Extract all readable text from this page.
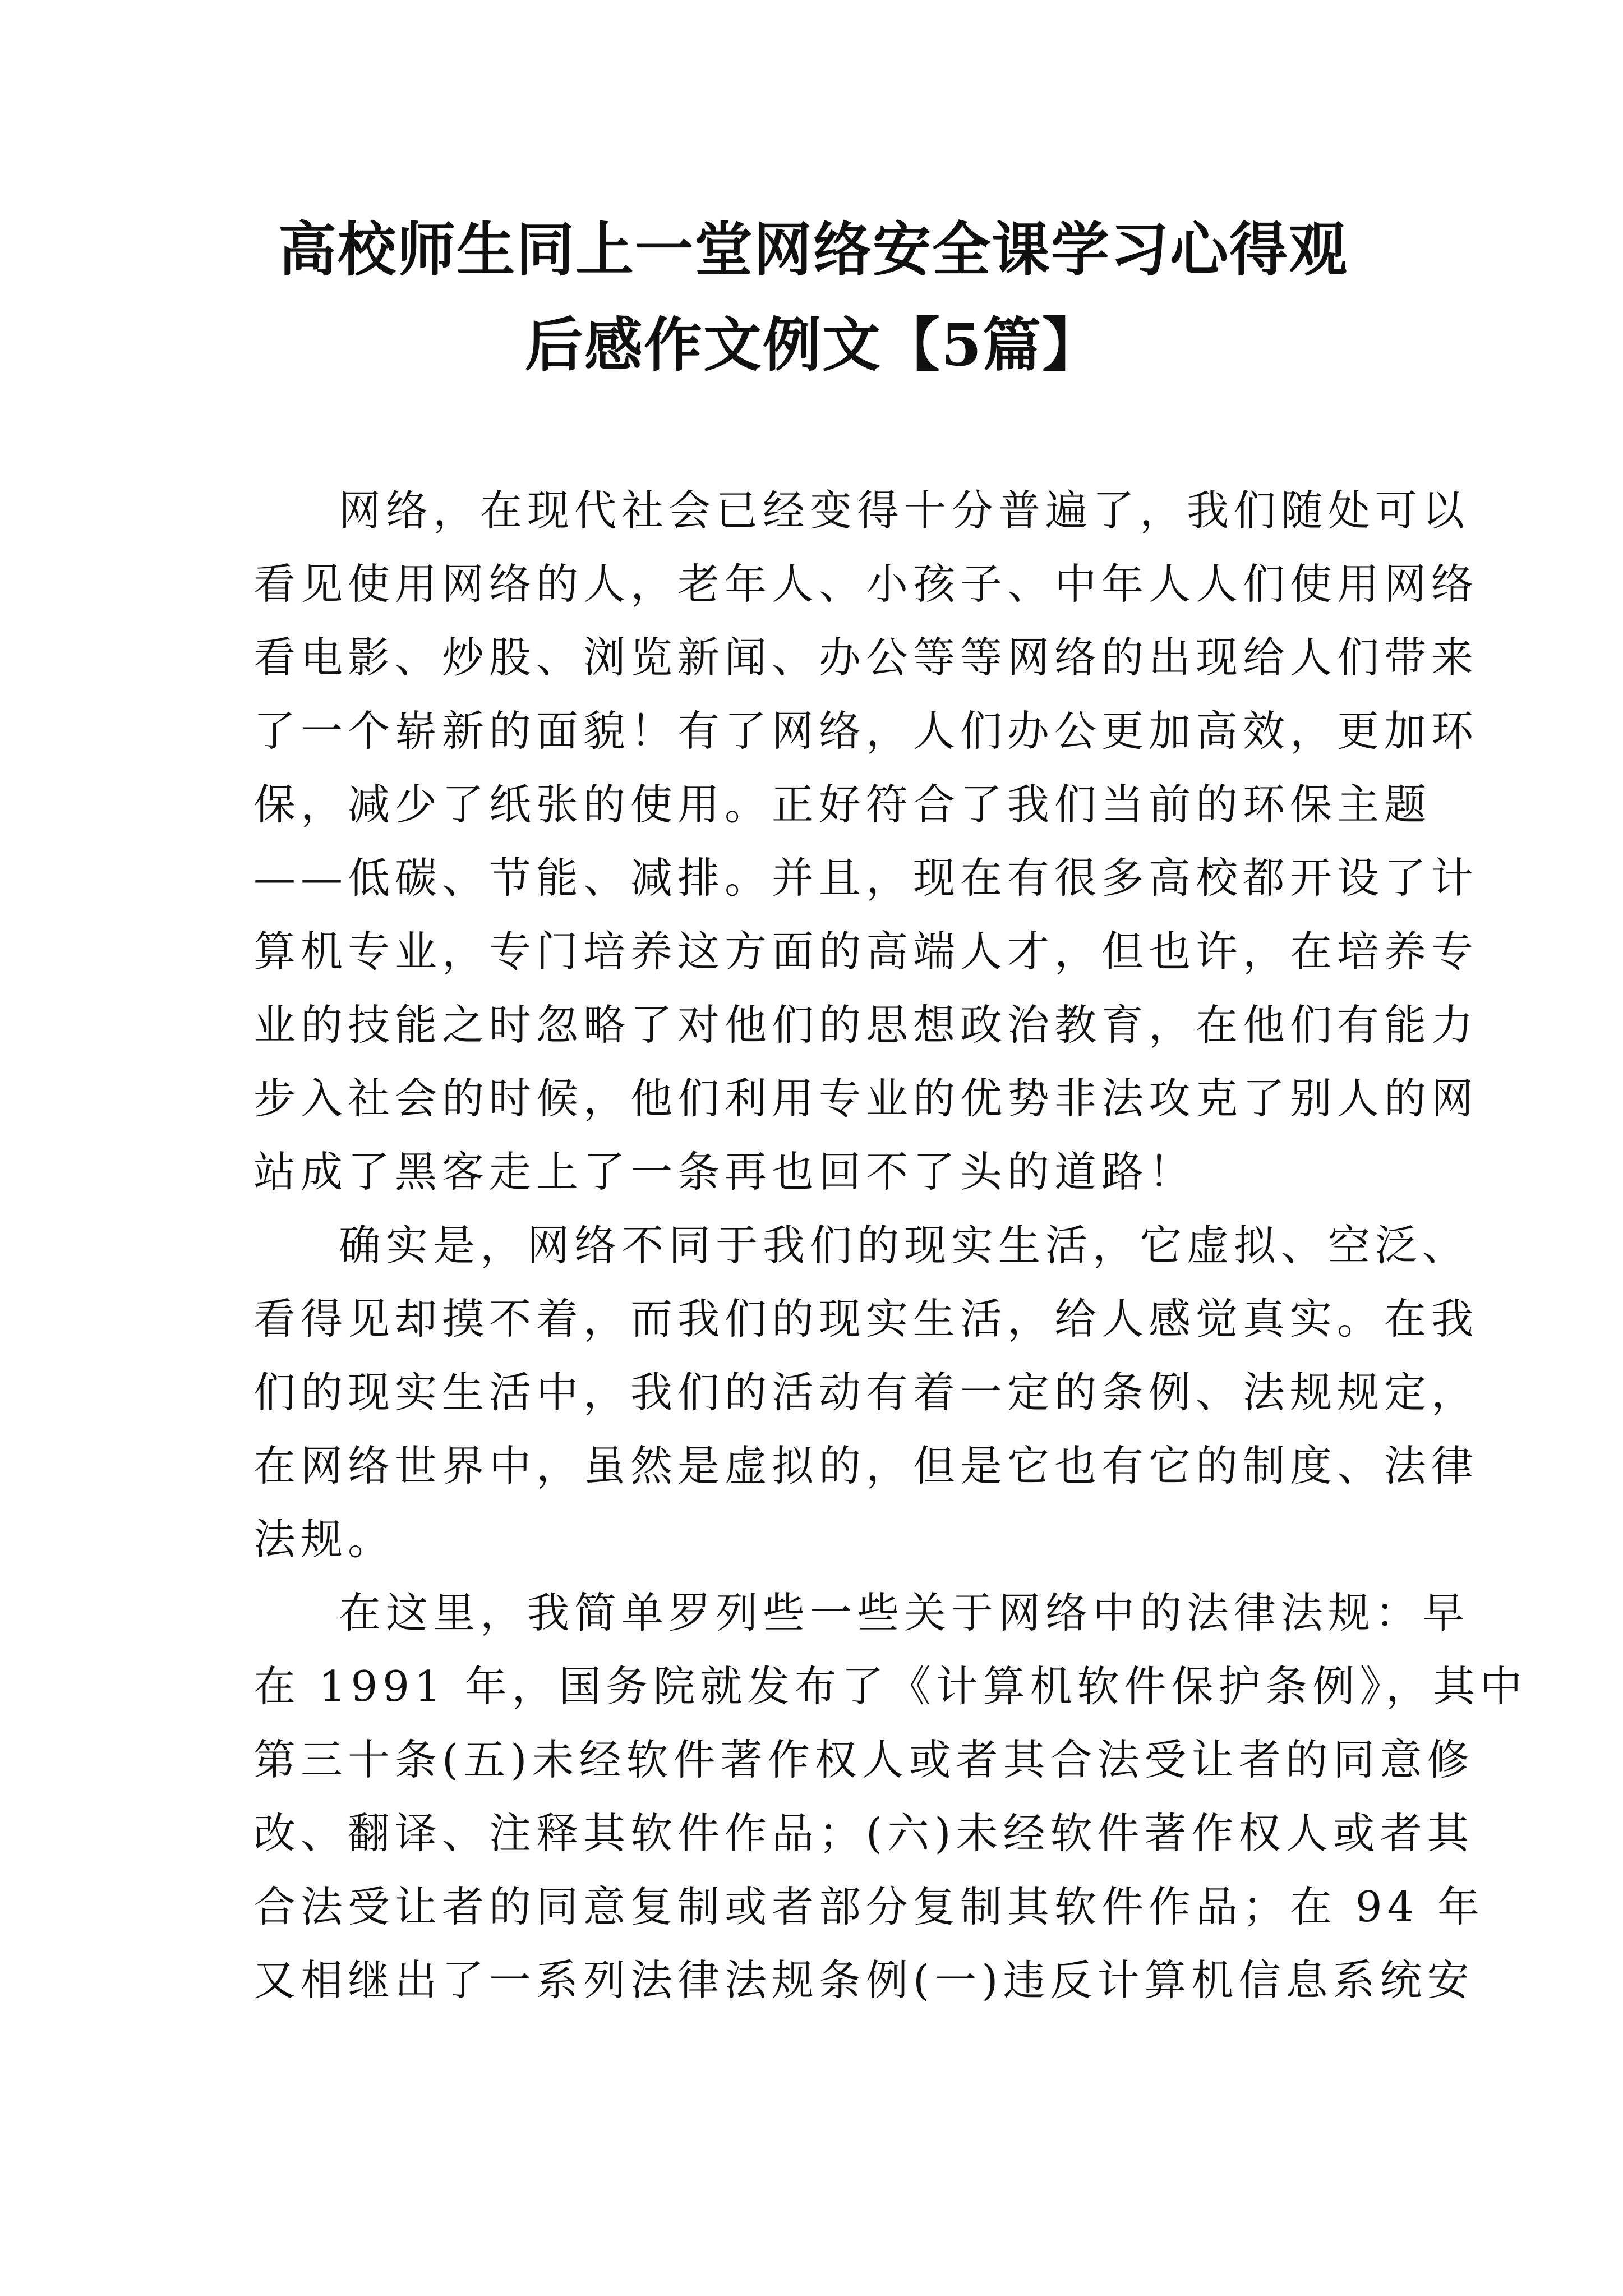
高校师生同上一堂网络安全课学习心得观
后感作文例文【5篇】
网络，在现代社会已经变得十分普遍了，我们随处可以
看见使用网络的人，老年人、小孩子、中年人人们使用网络
看电影、炒股、浏览新闻、办公等等网络的出现给人们带来
了一个崭新的面貌！有了网络，人们办公更加高效，更加环
保，减少了纸张的使用。正好符合了我们当前的环保主题
——低碳、节能、减排。并且，现在有很多高校都开设了计
算机专业，专门培养这方面的高端人才，但也许，在培养专
业的技能之时忽略了对他们的思想政治教育，在他们有能力
步入社会的时候，他们利用专业的优势非法攻克了别人的网
站成了黑客走上了一条再也回不了头的道路！
确实是，网络不同于我们的现实生活，它虚拟、空泛、
看得见却摸不着，而我们的现实生活，给人感觉真实。在我
们的现实生活中，我们的活动有着一定的条例、法规规定，
在网络世界中，虽然是虚拟的，但是它也有它的制度、法律
法规。
在这里，我简单罗列些一些关于网络中的法律法规：早
在 1991 年，国务院就发布了《计算机软件保护条例》，其中
第三十条(五)未经软件著作权人或者其合法受让者的同意修
改、翻译、注释其软件作品；(六)未经软件著作权人或者其
合法受让者的同意复制或者部分复制其软件作品；在 94 年
又相继出了一系列法律法规条例(一)违反计算机信息系统安
